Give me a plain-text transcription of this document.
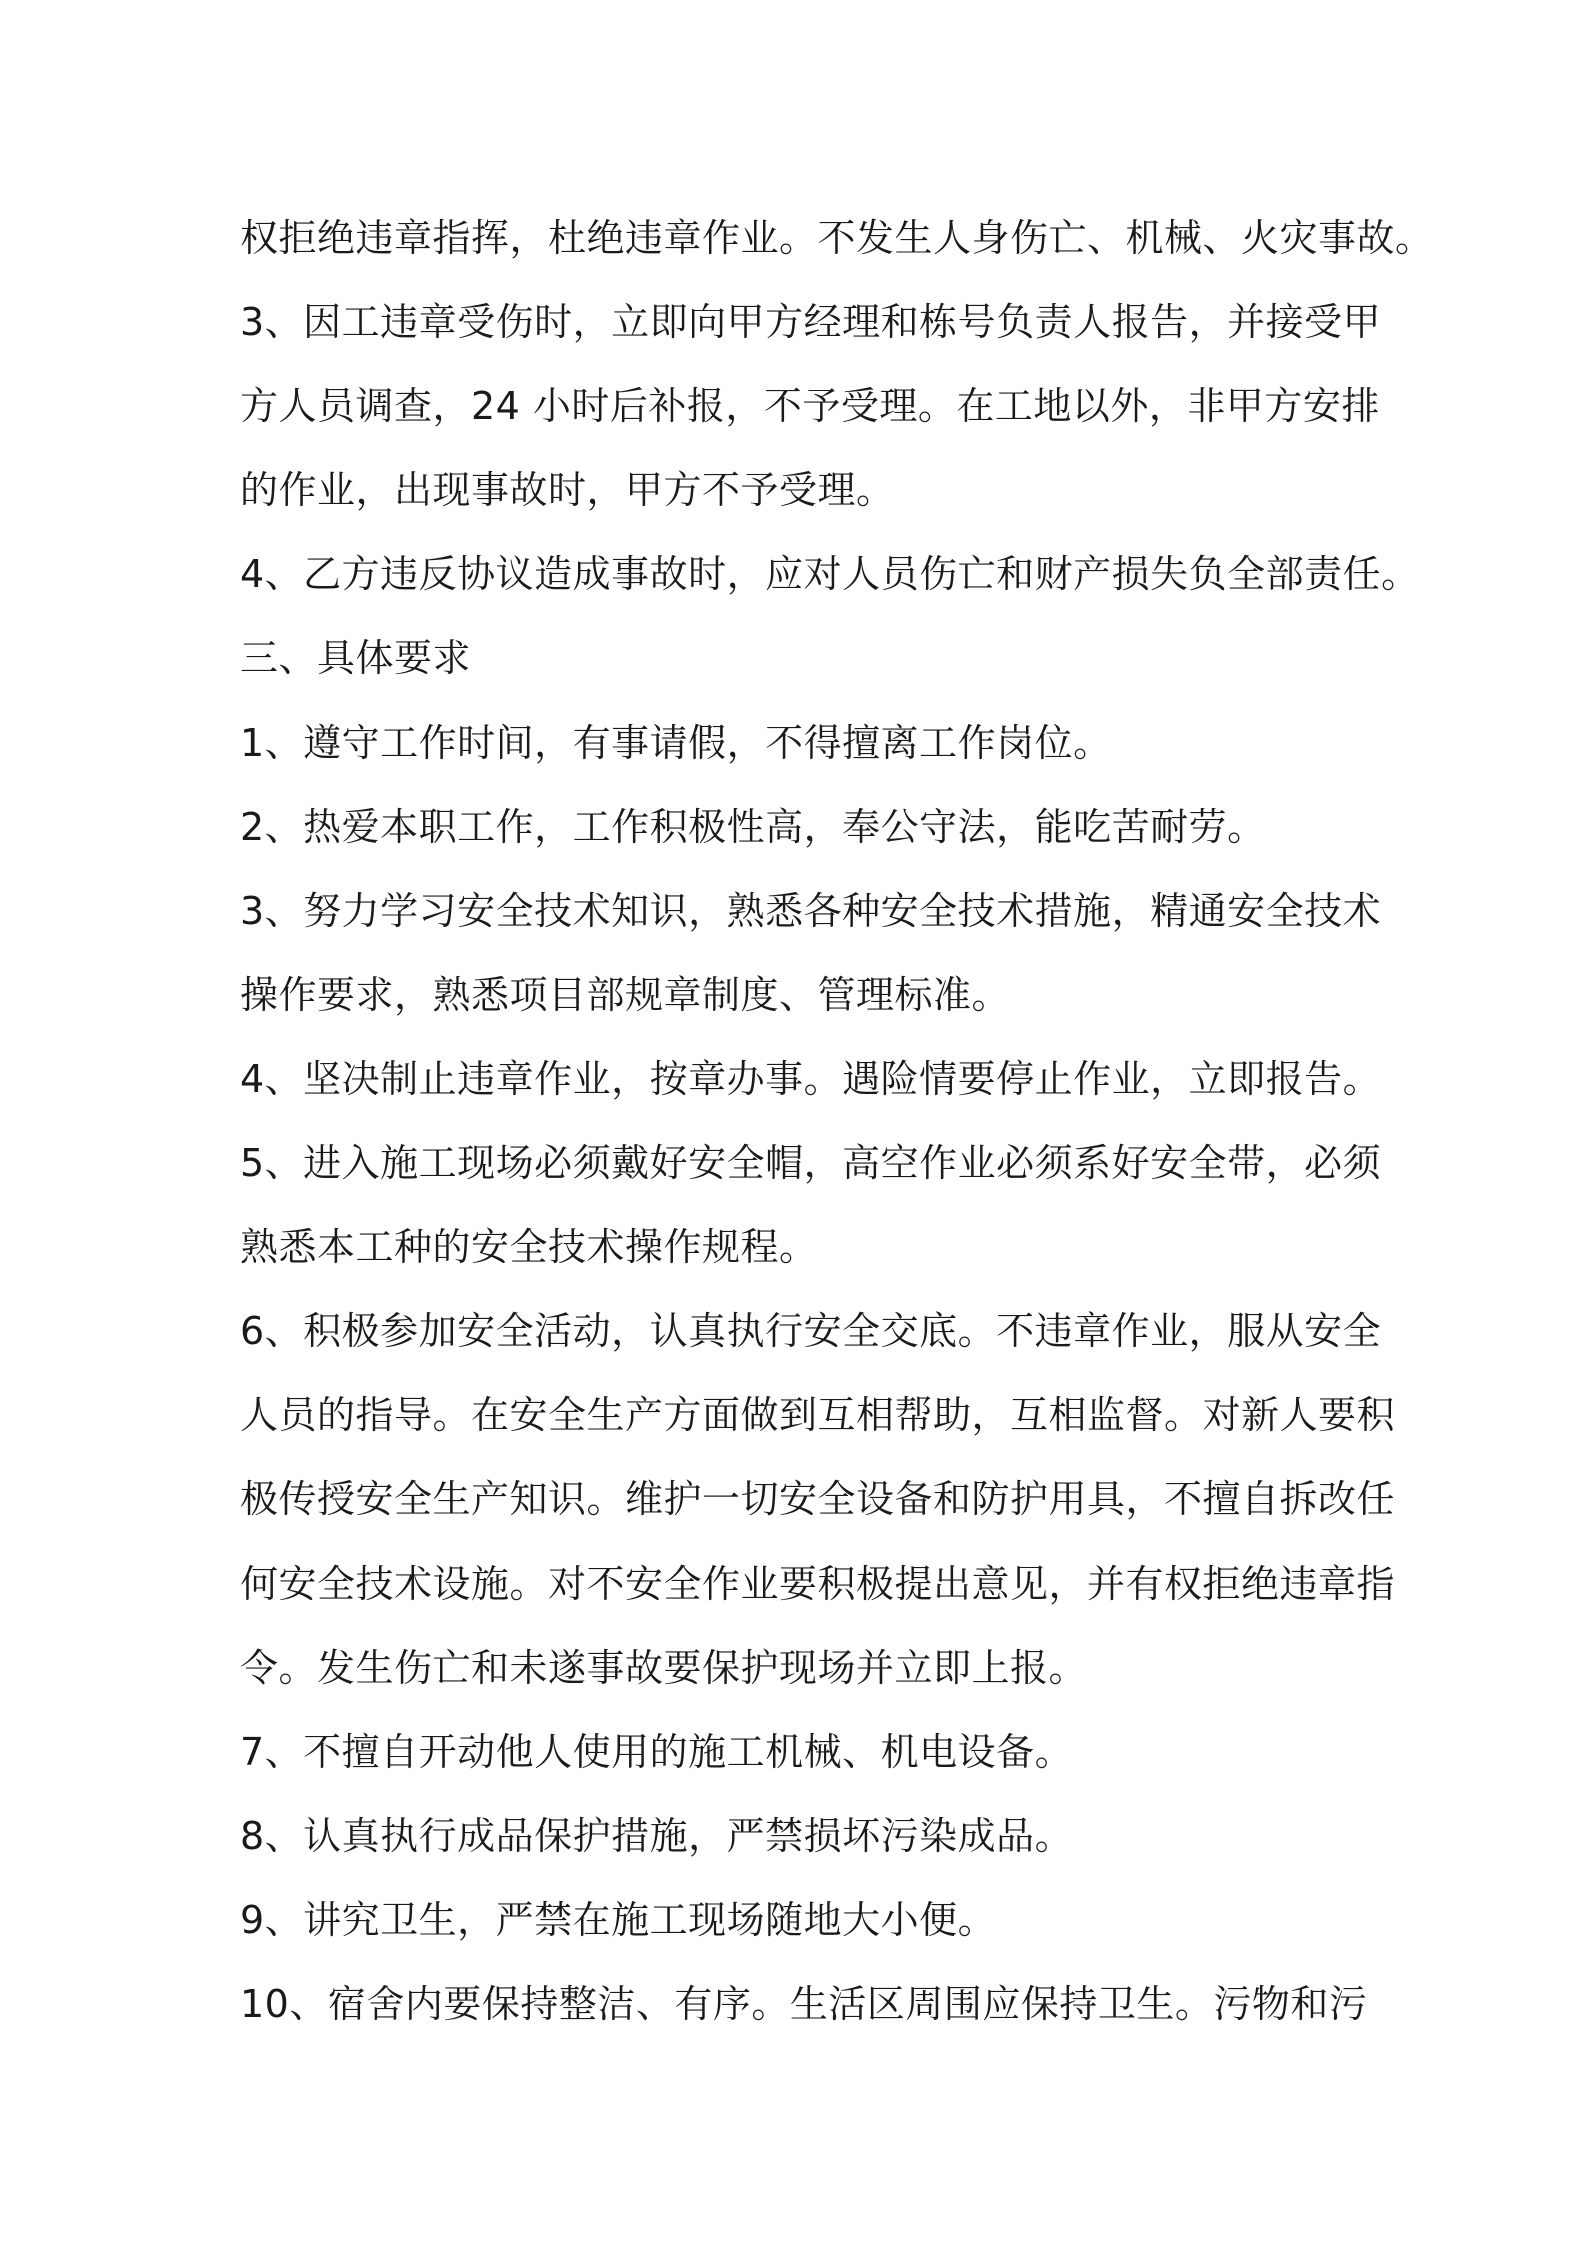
权拒绝违章指挥，杜绝违章作业。不发生人身伤亡、机械、火灾事故。
3、因工违章受伤时，立即向甲方经理和栋号负责人报告，并接受甲
方人员调查，24 小时后补报，不予受理。在工地以外，非甲方安排
的作业，出现事故时，甲方不予受理。
4、乙方违反协议造成事故时，应对人员伤亡和财产损失负全部责任。
三、具体要求
1、遵守工作时间，有事请假，不得擅离工作岗位。
2、热爱本职工作，工作积极性高，奉公守法，能吃苦耐劳。
3、努力学习安全技术知识，熟悉各种安全技术措施，精通安全技术
操作要求，熟悉项目部规章制度、管理标准。
4、坚决制止违章作业，按章办事。遇险情要停止作业，立即报告。
5、进入施工现场必须戴好安全帽，高空作业必须系好安全带，必须
熟悉本工种的安全技术操作规程。
6、积极参加安全活动，认真执行安全交底。不违章作业，服从安全
人员的指导。在安全生产方面做到互相帮助，互相监督。对新人要积
极传授安全生产知识。维护一切安全设备和防护用具，不擅自拆改任
何安全技术设施。对不安全作业要积极提出意见，并有权拒绝违章指
令。发生伤亡和未遂事故要保护现场并立即上报。
7、不擅自开动他人使用的施工机械、机电设备。
8、认真执行成品保护措施，严禁损坏污染成品。
9、讲究卫生，严禁在施工现场随地大小便。
10、宿舍内要保持整洁、有序。生活区周围应保持卫生。污物和污
